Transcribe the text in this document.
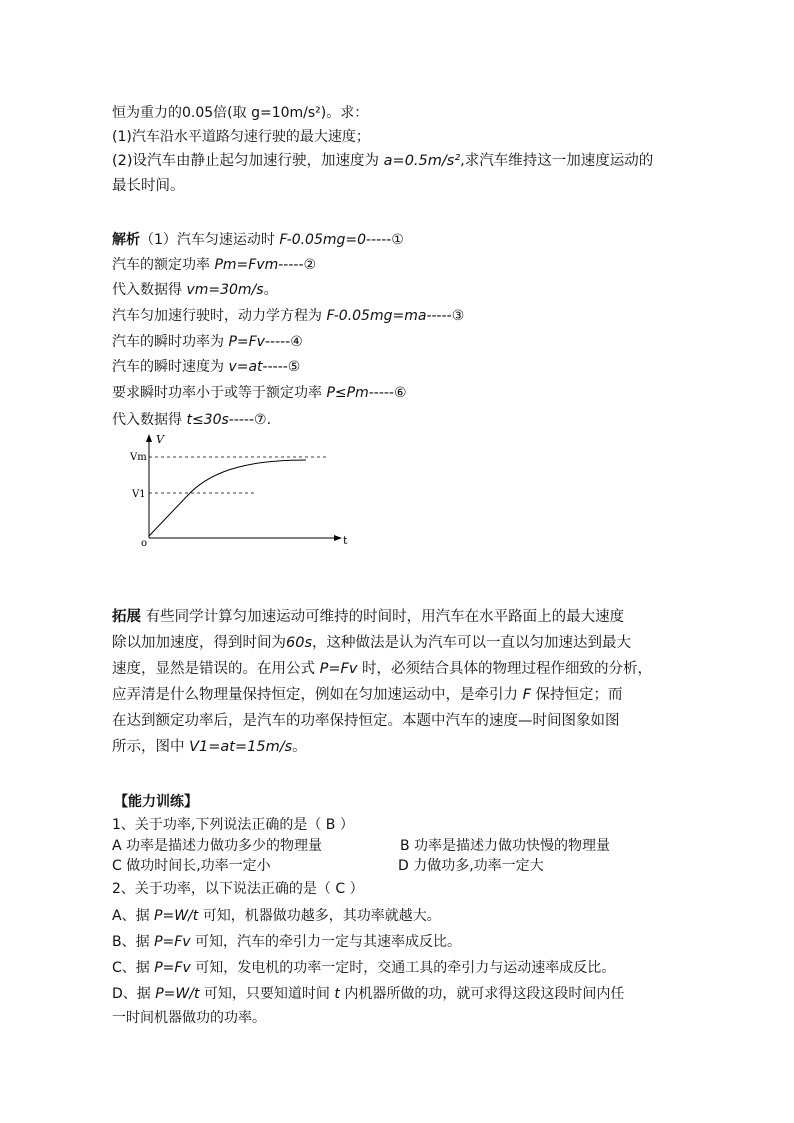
恒为重力的0.05倍(取 g=10m/s²)。求：
(1)汽车沿水平道路匀速行驶的最大速度；
(2)设汽车由静止起匀加速行驶，加速度为 a=0.5m/s²,求汽车维持这一加速度运动的
最长时间。
解析（1）汽车匀速运动时 F-0.05mg=0-----①
汽车的额定功率 Pm=Fvm-----②
代入数据得 vm=30m/s。
汽车匀加速行驶时，动力学方程为 F-0.05mg=ma-----③
汽车的瞬时功率为 P=Fv-----④
汽车的瞬时速度为 v=at-----⑤
要求瞬时功率小于或等于额定功率 P≤Pm-----⑥
代入数据得 t≤30s-----⑦.
V
t
o
Vm
V1
拓展 有些同学计算匀加速运动可维持的时间时，用汽车在水平路面上的最大速度
除以加加速度，得到时间为60s，这种做法是认为汽车可以一直以匀加速达到最大
速度，显然是错误的。在用公式 P=Fv 时，必须结合具体的物理过程作细致的分析，
应弄清是什么物理量保持恒定，例如在匀加速运动中，是牵引力 F 保持恒定；而
在达到额定功率后，是汽车的功率保持恒定。本题中汽车的速度—时间图象如图
所示，图中 V1=at=15m/s。
【能力训练】
1、关于功率,下列说法正确的是（ B ）
A 功率是描述力做功多少的物理量	B 功率是描述力做功快慢的物理量
C 做功时间长,功率一定小	D 力做功多,功率一定大
2、关于功率，以下说法正确的是（ C ）
A、据 P=W/t 可知，机器做功越多，其功率就越大。
B、据 P=Fv 可知，汽车的牵引力一定与其速率成反比。
C、据 P=Fv 可知，发电机的功率一定时，交通工具的牵引力与运动速率成反比。
D、据 P=W/t 可知，只要知道时间 t 内机器所做的功，就可求得这段这段时间内任
一时间机器做功的功率。
